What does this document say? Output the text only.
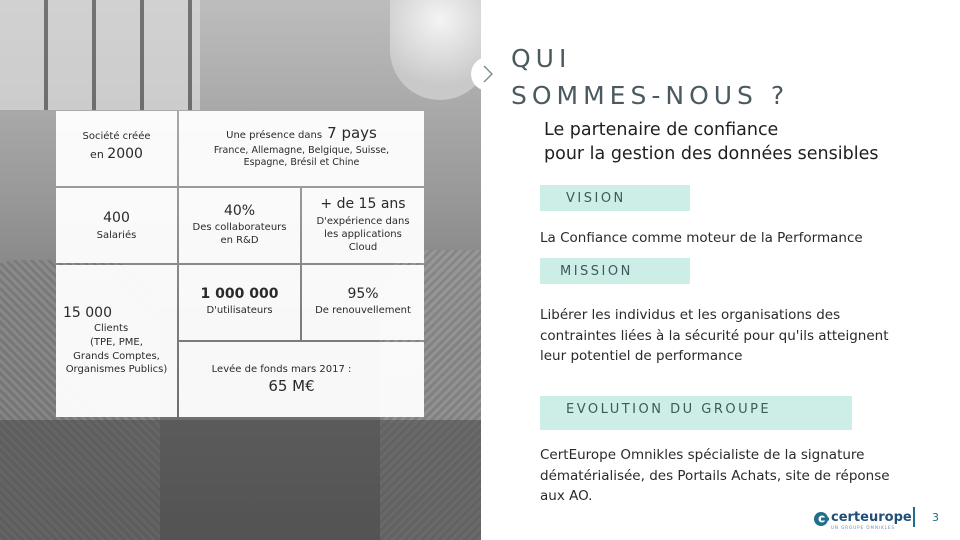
Société créée
en 2000
Une présence dans 7 pays
France, Allemagne, Belgique, Suisse,
Espagne, Brésil et Chine
400
Salariés
40%
Des collaborateurs
en R&D
+ de 15 ans
D'expérience dans
les applications
Cloud
15 000
Clients
(TPE, PME,
Grands Comptes,
Organismes Publics)
1 000 000
D'utilisateurs
95%
De renouvellement
Levée de fonds mars 2017 :
65 M€
QUI
SOMMES-NOUS ?
Le partenaire de confiance
pour la gestion des données sensibles
VISION
La Confiance comme moteur de la Performance
MISSION
Libérer les individus et les organisations des
contraintes liées à la sécurité pour qu'ils atteignent
leur potentiel de performance
EVOLUTION DU GROUPE
CertEurope Omnikles spécialiste de la signature
dématérialisée, des Portails Achats, site de réponse
aux AO.
certeurope
UN GROUPE OMNIKLES
3
